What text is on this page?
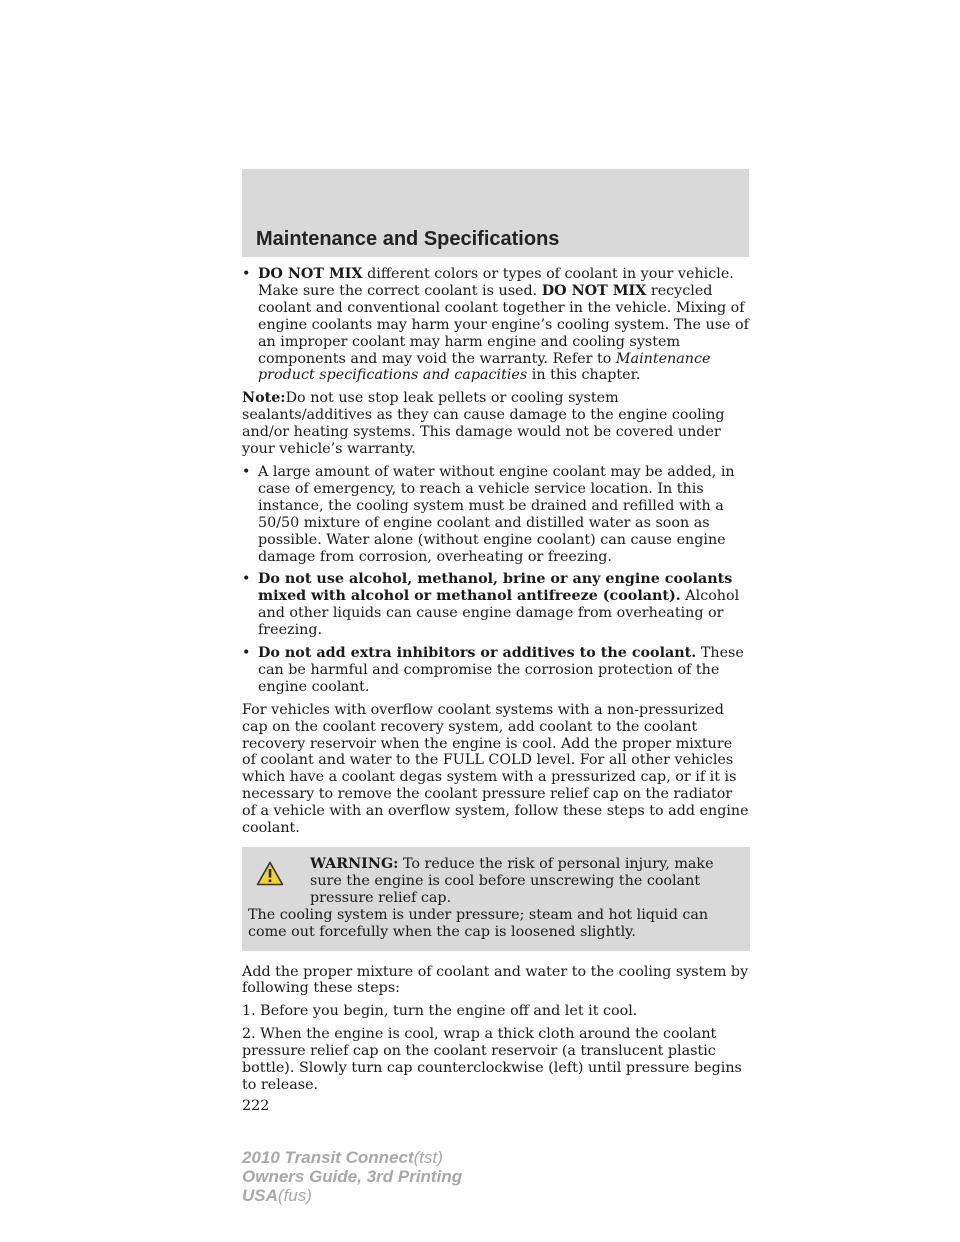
Maintenance and Specifications
• DO NOT MIX different colors or types of coolant in your vehicle. Make sure the correct coolant is used. DO NOT MIX recycled coolant and conventional coolant together in the vehicle. Mixing of engine coolants may harm your engine’s cooling system. The use of an improper coolant may harm engine and cooling system components and may void the warranty. Refer to Maintenance product specifications and capacities in this chapter.

Note:Do not use stop leak pellets or cooling system sealants/additives as they can cause damage to the engine cooling and/or heating systems. This damage would not be covered under your vehicle’s warranty.

• A large amount of water without engine coolant may be added, in case of emergency, to reach a vehicle service location. In this instance, the cooling system must be drained and refilled with a 50/50 mixture of engine coolant and distilled water as soon as possible. Water alone (without engine coolant) can cause engine damage from corrosion, overheating or freezing.
• Do not use alcohol, methanol, brine or any engine coolants mixed with alcohol or methanol antifreeze (coolant). Alcohol and other liquids can cause engine damage from overheating or freezing.
• Do not add extra inhibitors or additives to the coolant. These can be harmful and compromise the corrosion protection of the engine coolant.

For vehicles with overflow coolant systems with a non-pressurized cap on the coolant recovery system, add coolant to the coolant recovery reservoir when the engine is cool. Add the proper mixture of coolant and water to the FULL COLD level. For all other vehicles which have a coolant degas system with a pressurized cap, or if it is necessary to remove the coolant pressure relief cap on the radiator of a vehicle with an overflow system, follow these steps to add engine coolant.

WARNING: To reduce the risk of personal injury, make sure the engine is cool before unscrewing the coolant pressure relief cap.
The cooling system is under pressure; steam and hot liquid can come out forcefully when the cap is loosened slightly.

Add the proper mixture of coolant and water to the cooling system by following these steps:

1. Before you begin, turn the engine off and let it cool.

2. When the engine is cool, wrap a thick cloth around the coolant pressure relief cap on the coolant reservoir (a translucent plastic bottle). Slowly turn cap counterclockwise (left) until pressure begins to release.

222
2010 Transit Connect(tst)
Owners Guide, 3rd Printing
USA(fus)
